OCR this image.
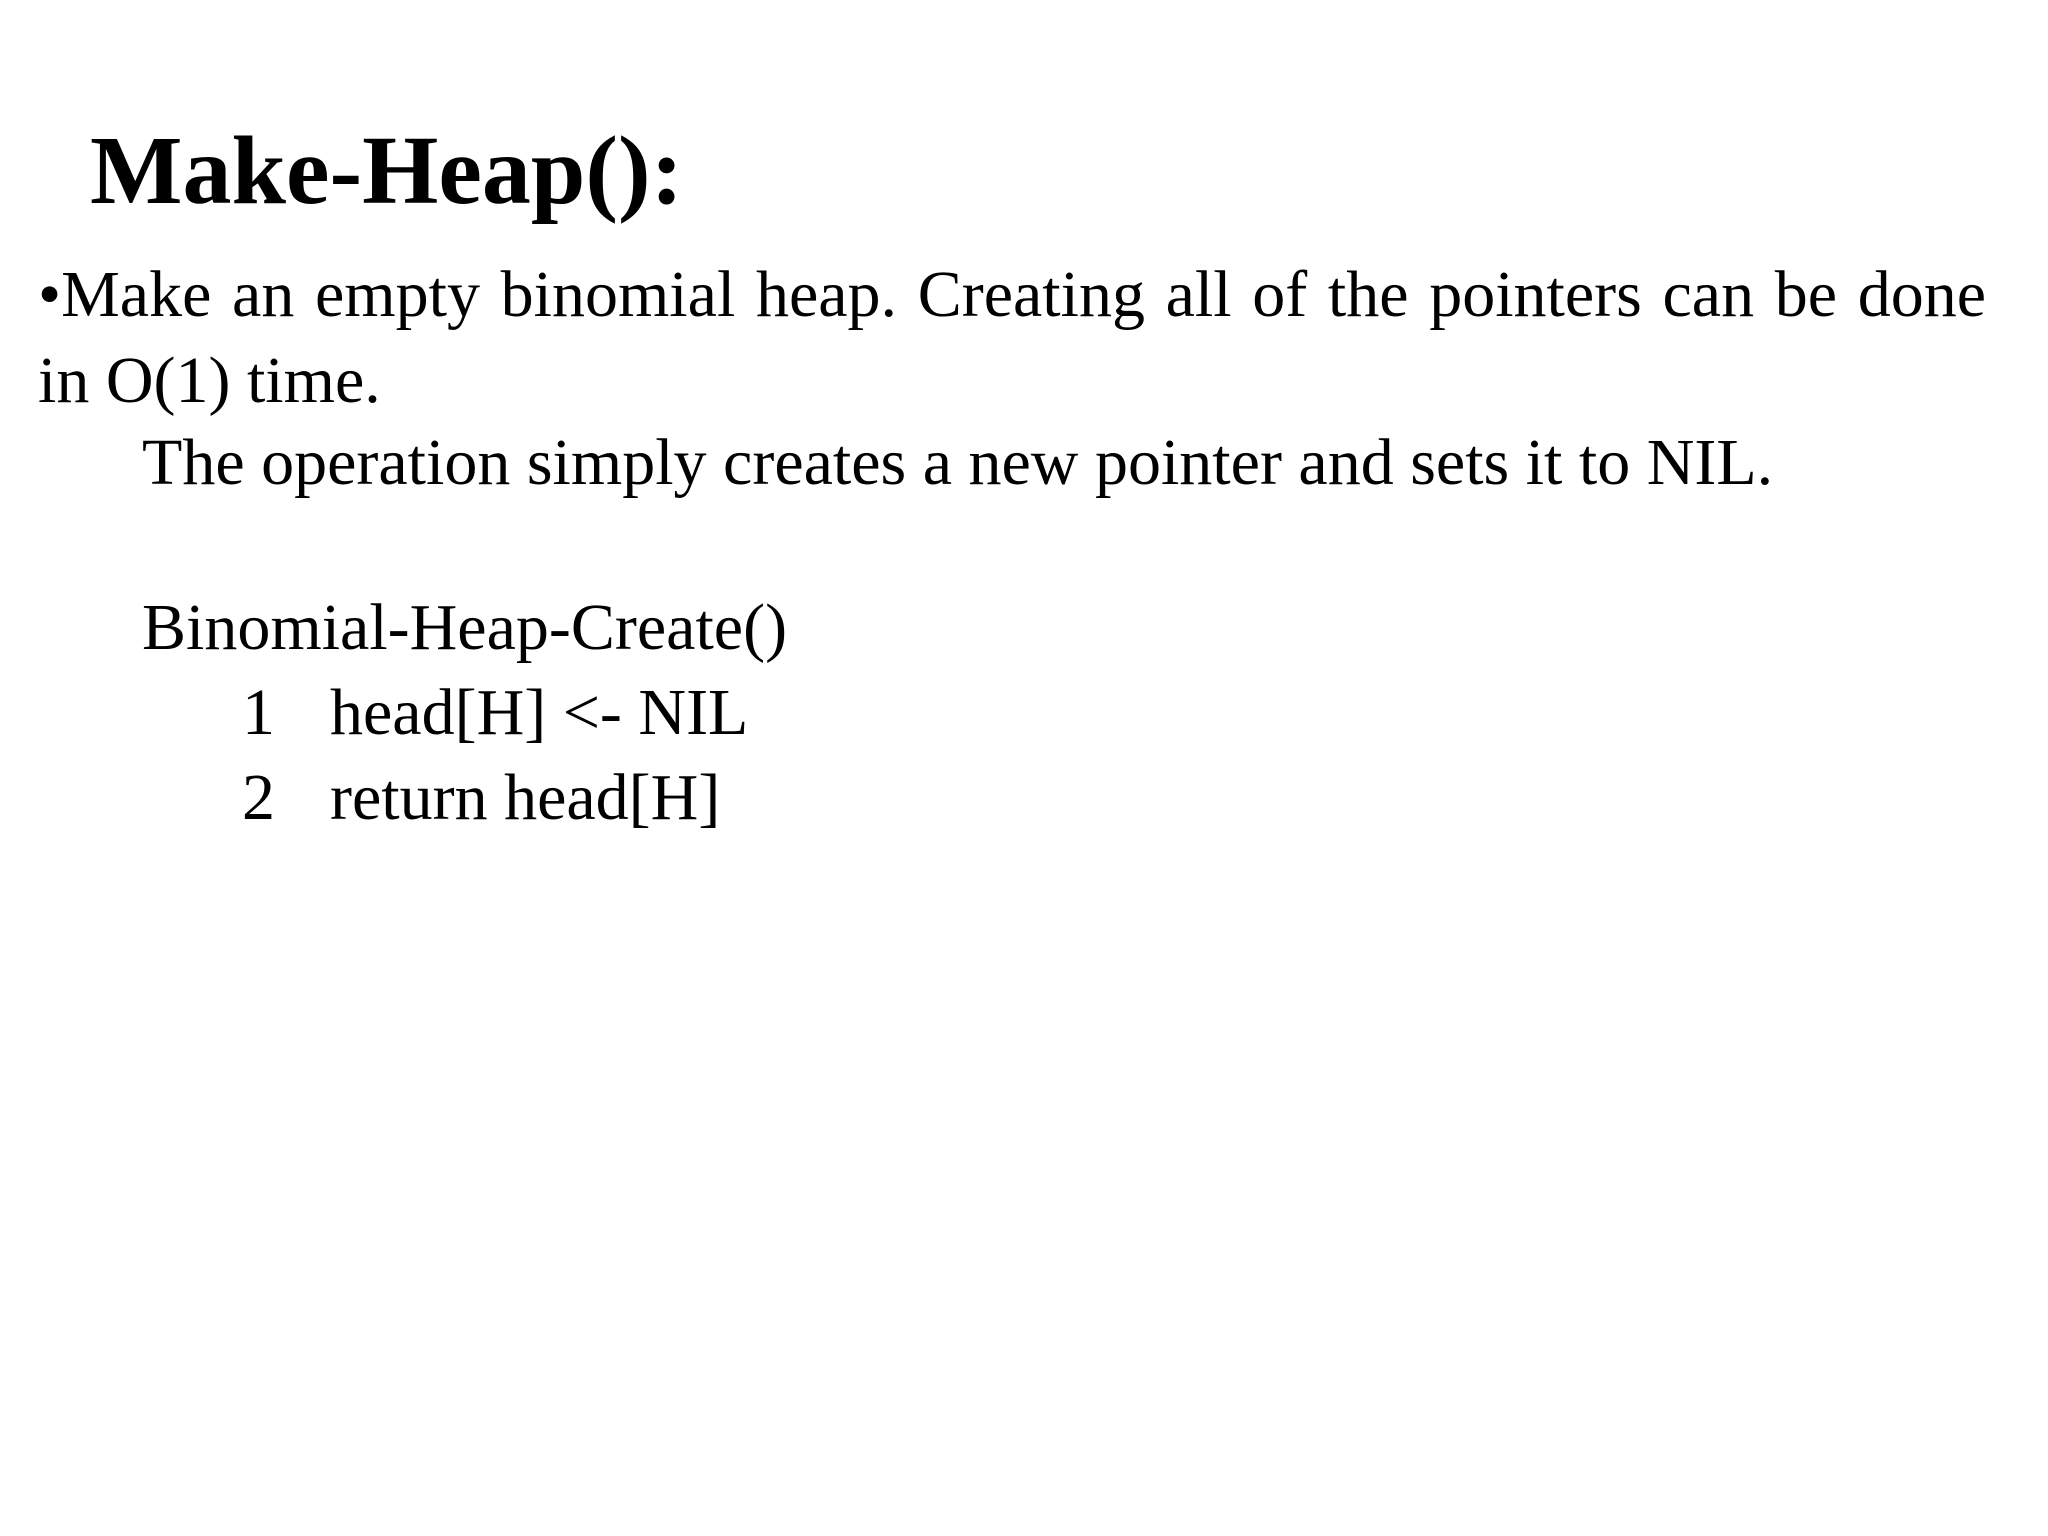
Make-Heap():

•Make an empty binomial heap. Creating all of the pointers can be done in O(1) time.

The operation simply creates a new pointer and sets it to NIL.

Binomial-Heap-Create()

1 head[H] <- NIL

2 return head[H]
